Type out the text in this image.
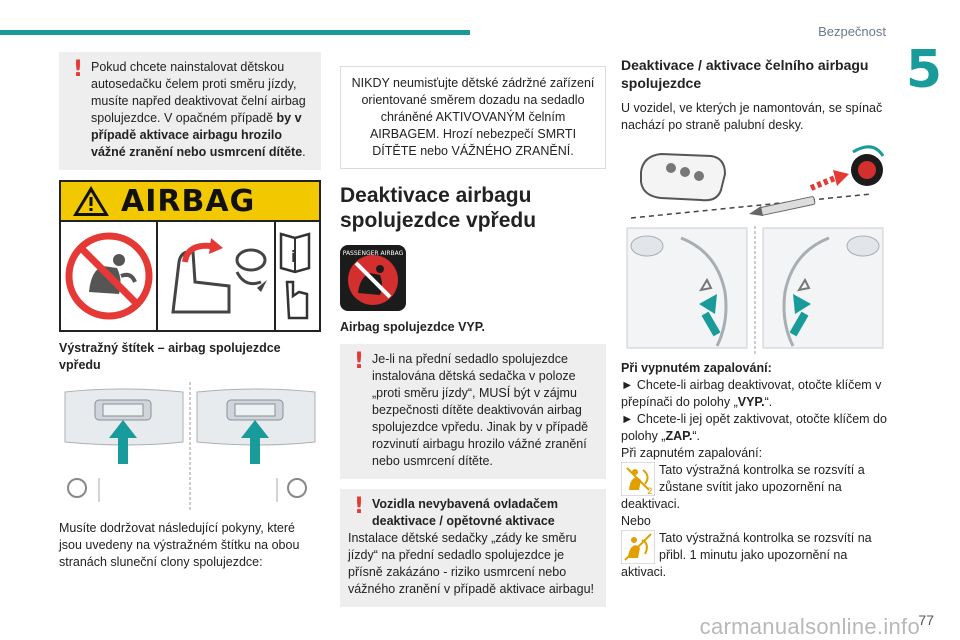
Bezpečnost
5
carmanualsonline.info
77
! Pokud chcete nainstalovat dětskou autosedačku čelem proti směru jízdy, musíte napřed deaktivovat čelní airbag spolujezdce. V opačném případě by v případě aktivace airbagu hrozilo vážné zranění nebo usmrcení dítěte.
AIRBAG
i
Výstražný štítek – airbag spolujezdce vpředu
Musíte dodržovat následující pokyny, které jsou uvedeny na výstražném štítku na obou stranách sluneční clony spolujezdce:
NIKDY neumisťujte dětské zádržné zařízení orientované směrem dozadu na sedadlo chráněné AKTIVOVANÝM čelním AIRBAGEM. Hrozí nebezpečí SMRTI DÍTĚTE nebo VÁŽNÉHO ZRANĚNÍ.
Deaktivace airbagu spolujezdce vpředu
PASSENGER AIRBAG
Airbag spolujezdce VYP.
! Je-li na přední sedadlo spolujezdce instalována dětská sedačka v poloze „proti směru jízdy“, MUSÍ být v zájmu bezpečnosti dítěte deaktivován airbag spolujezdce vpředu. Jinak by v případě rozvinutí airbagu hrozilo vážné zranění nebo usmrcení dítěte.
! Vozidla nevybavená ovladačem deaktivace / opětovné aktivace
Instalace dětské sedačky „zády ke směru jízdy“ na přední sedadlo spolujezdce je přísně zakázáno - riziko usmrcení nebo vážného zranění v případě aktivace airbagu!
Deaktivace / aktivace čelního airbagu spolujezdce
U vozidel, ve kterých je namontován, se spínač nachází po straně palubní desky.
Při vypnutém zapalování:
► Chcete-li airbag deaktivovat, otočte klíčem v přepínači do polohy „VYP.“.
► Chcete-li jej opět zaktivovat, otočte klíčem do polohy „ZAP.“.
Při zapnutém zapalování:
2
Tato výstražná kontrolka se rozsvítí a zůstane svítit jako upozornění na
deaktivaci.
Nebo
Tato výstražná kontrolka se rozsvítí na přibl. 1 minutu jako upozornění na
aktivaci.
